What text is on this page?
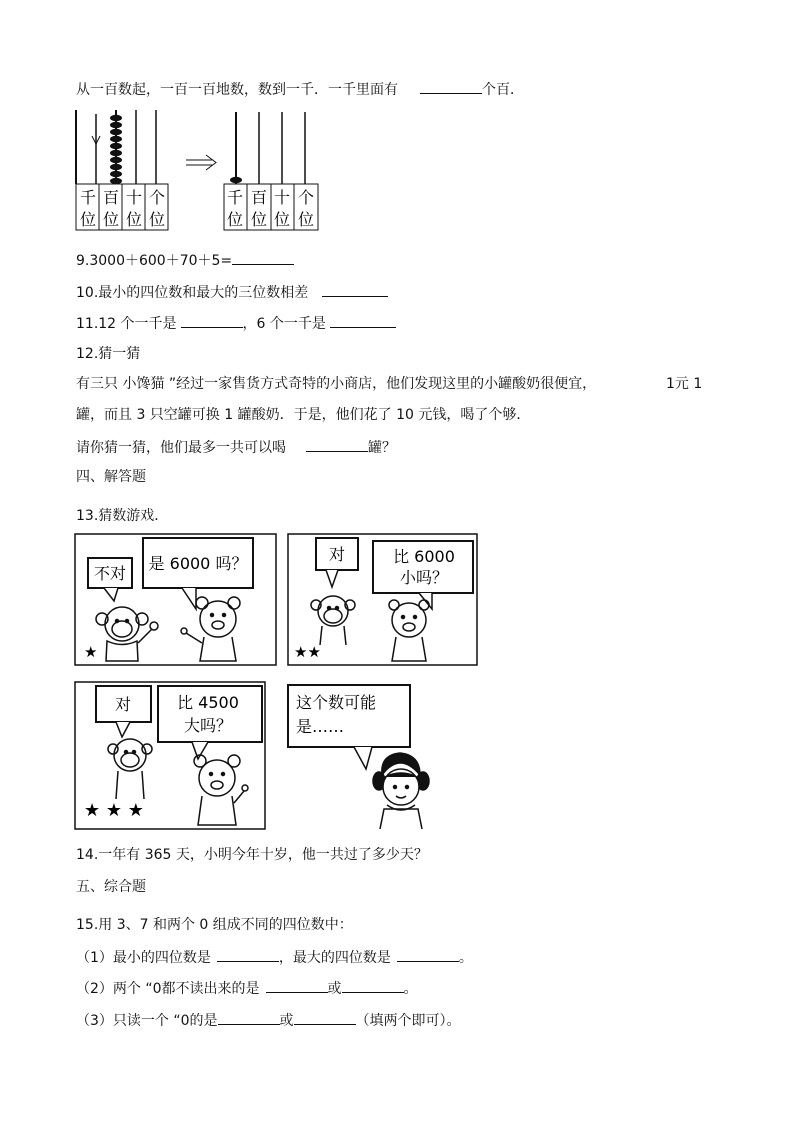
从一百数起，一百一百地数，数到一千．一千里面有	个百．
千
位
百
位
十
位
个
位
千
位
百
位
十
位
个
位
9.3000＋600＋70＋5=
10.最小的四位数和最大的三位数相差
11.12 个一千是	，6 个一千是
12.猜一猜
有三只 小馋猫 ”经过一家售货方式奇特的小商店，他们发现这里的小罐酸奶很便宜，	1元 1
罐，而且 3 只空罐可换 1 罐酸奶．于是，他们花了 10 元钱，喝了个够．
请你猜一猜，他们最多一共可以喝	罐？
四、解答题
13.猜数游戏．
不对
是 6000 吗？
★
对	比 6000
小吗？
★★
对	比 4500
大吗？
★ ★ ★
这个数可能
是……
14.一年有 365 天，小明今年十岁，他一共过了多少天？
五、综合题
15.用 3、7 和两个 0 组成不同的四位数中：
（1）最小的四位数是	，最大的四位数是	。
（2）两个 “0都不读出来的是	或	。
（3）只读一个 “0的是	或	（填两个即可）。
